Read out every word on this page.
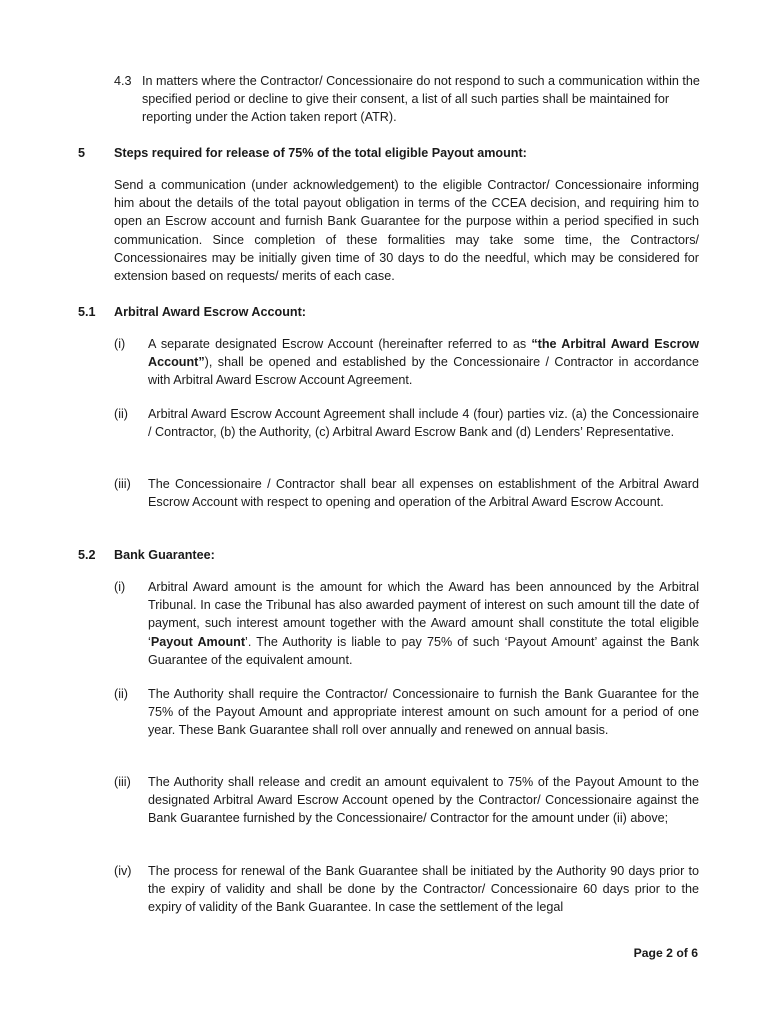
4.3 In matters where the Contractor/ Concessionaire do not respond to such a communication within the specified period or decline to give their consent, a list of all such parties shall be maintained for reporting under the Action taken report (ATR).
5 Steps required for release of 75% of the total eligible Payout amount:
Send a communication (under acknowledgement) to the eligible Contractor/ Concessionaire informing him about the details of the total payout obligation in terms of the CCEA decision, and requiring him to open an Escrow account and furnish Bank Guarantee for the purpose within a period specified in such communication. Since completion of these formalities may take some time, the Contractors/ Concessionaires may be initially given time of 30 days to do the needful, which may be considered for extension based on requests/ merits of each case.
5.1 Arbitral Award Escrow Account:
(i) A separate designated Escrow Account (hereinafter referred to as “the Arbitral Award Escrow Account”), shall be opened and established by the Concessionaire / Contractor in accordance with Arbitral Award Escrow Account Agreement.
(ii) Arbitral Award Escrow Account Agreement shall include 4 (four) parties viz. (a) the Concessionaire / Contractor, (b) the Authority, (c) Arbitral Award Escrow Bank and (d) Lenders’ Representative.
(iii) The Concessionaire / Contractor shall bear all expenses on establishment of the Arbitral Award Escrow Account with respect to opening and operation of the Arbitral Award Escrow Account.
5.2 Bank Guarantee:
(i) Arbitral Award amount is the amount for which the Award has been announced by the Arbitral Tribunal. In case the Tribunal has also awarded payment of interest on such amount till the date of payment, such interest amount together with the Award amount shall constitute the total eligible ‘Payout Amount’. The Authority is liable to pay 75% of such ‘Payout Amount’ against the Bank Guarantee of the equivalent amount.
(ii) The Authority shall require the Contractor/ Concessionaire to furnish the Bank Guarantee for the 75% of the Payout Amount and appropriate interest amount on such amount for a period of one year. These Bank Guarantee shall roll over annually and renewed on annual basis.
(iii) The Authority shall release and credit an amount equivalent to 75% of the Payout Amount to the designated Arbitral Award Escrow Account opened by the Contractor/ Concessionaire against the Bank Guarantee furnished by the Concessionaire/ Contractor for the amount under (ii) above;
(iv) The process for renewal of the Bank Guarantee shall be initiated by the Authority 90 days prior to the expiry of validity and shall be done by the Contractor/ Concessionaire 60 days prior to the expiry of validity of the Bank Guarantee. In case the settlement of the legal
Page 2 of 6
